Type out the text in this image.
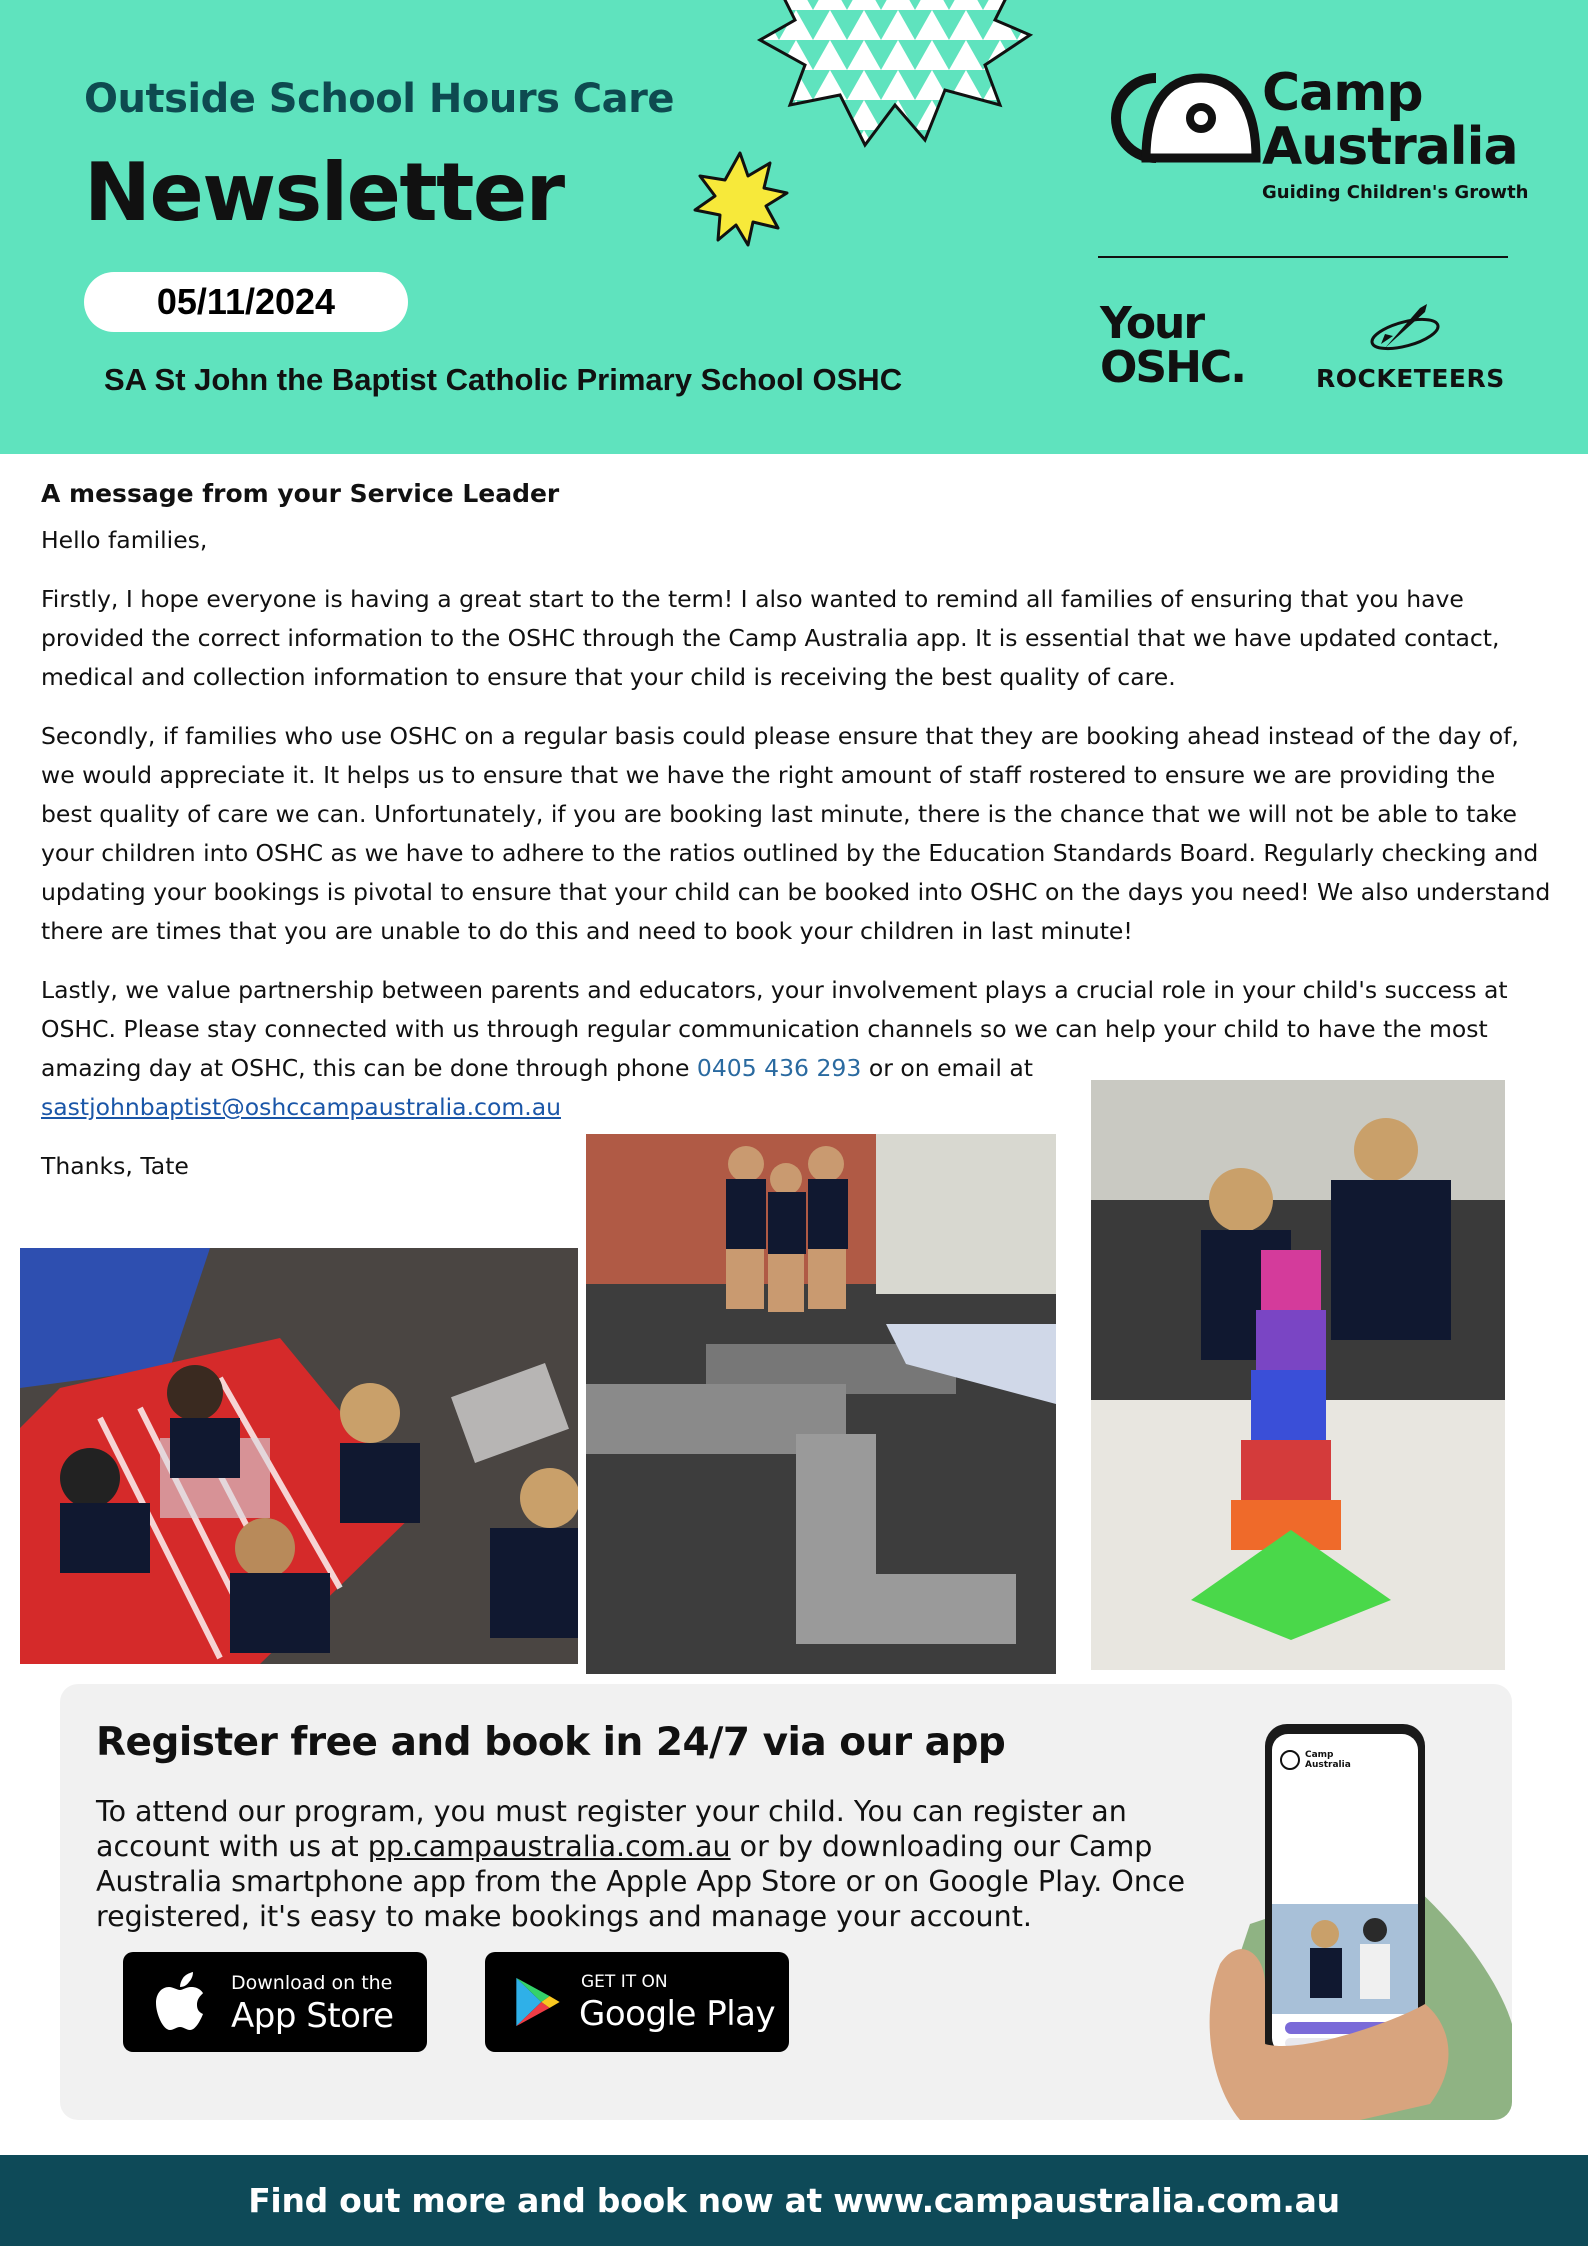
Outside School Hours Care
Newsletter
05/11/2024
SA St John the Baptist Catholic Primary School OSHC
Camp
Australia
Guiding Children's Growth
Your
OSHC.	ROCKETEERS
A message from your Service Leader

Hello families,

Firstly, I hope everyone is having a great start to the term! I also wanted to remind all families of ensuring that you have provided the correct information to the OSHC through the Camp Australia app. It is essential that we have updated contact, medical and collection information to ensure that your child is receiving the best quality of care.

Secondly, if families who use OSHC on a regular basis could please ensure that they are booking ahead instead of the day of, we would appreciate it. It helps us to ensure that we have the right amount of staff rostered to ensure we are providing the best quality of care we can. Unfortunately, if you are booking last minute, there is the chance that we will not be able to take your children into OSHC as we have to adhere to the ratios outlined by the Education Standards Board. Regularly checking and updating your bookings is pivotal to ensure that your child can be booked into OSHC on the days you need! We also understand there are times that you are unable to do this and need to book your children in last minute!

Lastly, we value partnership between parents and educators, your involvement plays a crucial role in your child's success at OSHC. Please stay connected with us through regular communication channels so we can help your child to have the most amazing day at OSHC, this can be done through phone 0405 436 293 or on email at

sastjohnbaptist@oshccampaustralia.com.au

Thanks, Tate

Register free and book in 24/7 via our app
To attend our program, you must register your child. You can register an account with us at pp.campaustralia.com.au or by downloading our Camp Australia smartphone app from the Apple App Store or on Google Play. Once registered, it's easy to make bookings and manage your account.
Download on the
App Store
GET IT ON
Google Play
Camp
Australia
Find out more and book now at www.campaustralia.com.au
